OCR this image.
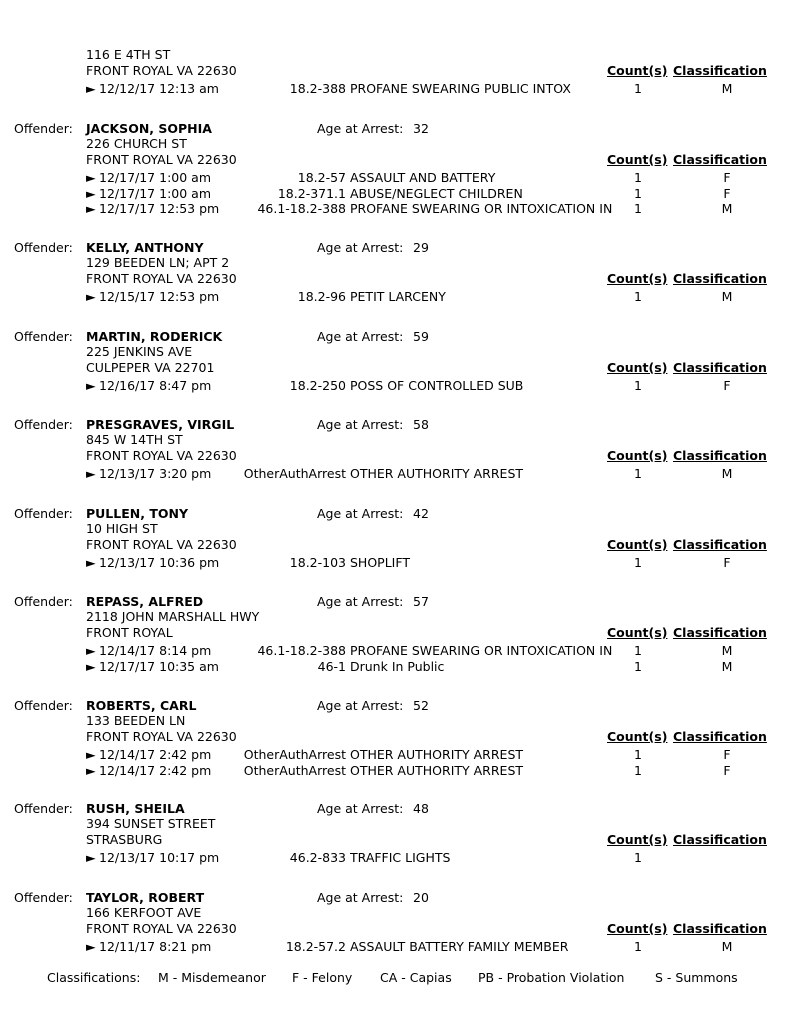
116 E 4TH ST
FRONT ROYAL VA 22630	Count(s) Classification
► 12/12/17 12:13 am	18.2-388 PROFANE SWEARING PUBLIC INTOX	1	M
Offender: JACKSON, SOPHIA	Age at Arrest: 32
226 CHURCH ST
FRONT ROYAL VA 22630	Count(s) Classification
► 12/17/17 1:00 am	18.2-57 ASSAULT AND BATTERY	1	F
► 12/17/17 1:00 am	18.2-371.1 ABUSE/NEGLECT CHILDREN	1	F
► 12/17/17 12:53 pm	46.1-18.2-388 PROFANE SWEARING OR INTOXICATION IN	1	M
Offender: KELLY, ANTHONY	Age at Arrest: 29
129 BEEDEN LN; APT 2
FRONT ROYAL VA 22630	Count(s) Classification
► 12/15/17 12:53 pm	18.2-96 PETIT LARCENY	1	M
Offender: MARTIN, RODERICK	Age at Arrest: 59
225 JENKINS AVE
CULPEPER VA 22701	Count(s) Classification
► 12/16/17 8:47 pm	18.2-250 POSS OF CONTROLLED SUB	1	F
Offender: PRESGRAVES, VIRGIL	Age at Arrest: 58
845 W 14TH ST
FRONT ROYAL VA 22630	Count(s) Classification
► 12/13/17 3:20 pm	OtherAuthArrest OTHER AUTHORITY ARREST	1	M
Offender: PULLEN, TONY	Age at Arrest: 42
10 HIGH ST
FRONT ROYAL VA 22630	Count(s) Classification
► 12/13/17 10:36 pm	18.2-103 SHOPLIFT	1	F
Offender: REPASS, ALFRED	Age at Arrest: 57
2118 JOHN MARSHALL HWY
FRONT ROYAL	Count(s) Classification
► 12/14/17 8:14 pm	46.1-18.2-388 PROFANE SWEARING OR INTOXICATION IN	1	M
► 12/17/17 10:35 am	46-1 Drunk In Public	1	M
Offender: ROBERTS, CARL	Age at Arrest: 52
133 BEEDEN LN
FRONT ROYAL VA 22630	Count(s) Classification
► 12/14/17 2:42 pm	OtherAuthArrest OTHER AUTHORITY ARREST	1	F
► 12/14/17 2:42 pm	OtherAuthArrest OTHER AUTHORITY ARREST	1	F
Offender: RUSH, SHEILA	Age at Arrest: 48
394 SUNSET STREET
STRASBURG	Count(s) Classification
► 12/13/17 10:17 pm	46.2-833 TRAFFIC LIGHTS	1
Offender: TAYLOR, ROBERT	Age at Arrest: 20
166 KERFOOT AVE
FRONT ROYAL VA 22630	Count(s) Classification
► 12/11/17 8:21 pm	18.2-57.2 ASSAULT BATTERY FAMILY MEMBER	1	M
Classifications: M - Misdemeanor F - Felony CA - Capias PB - Probation Violation S - Summons
